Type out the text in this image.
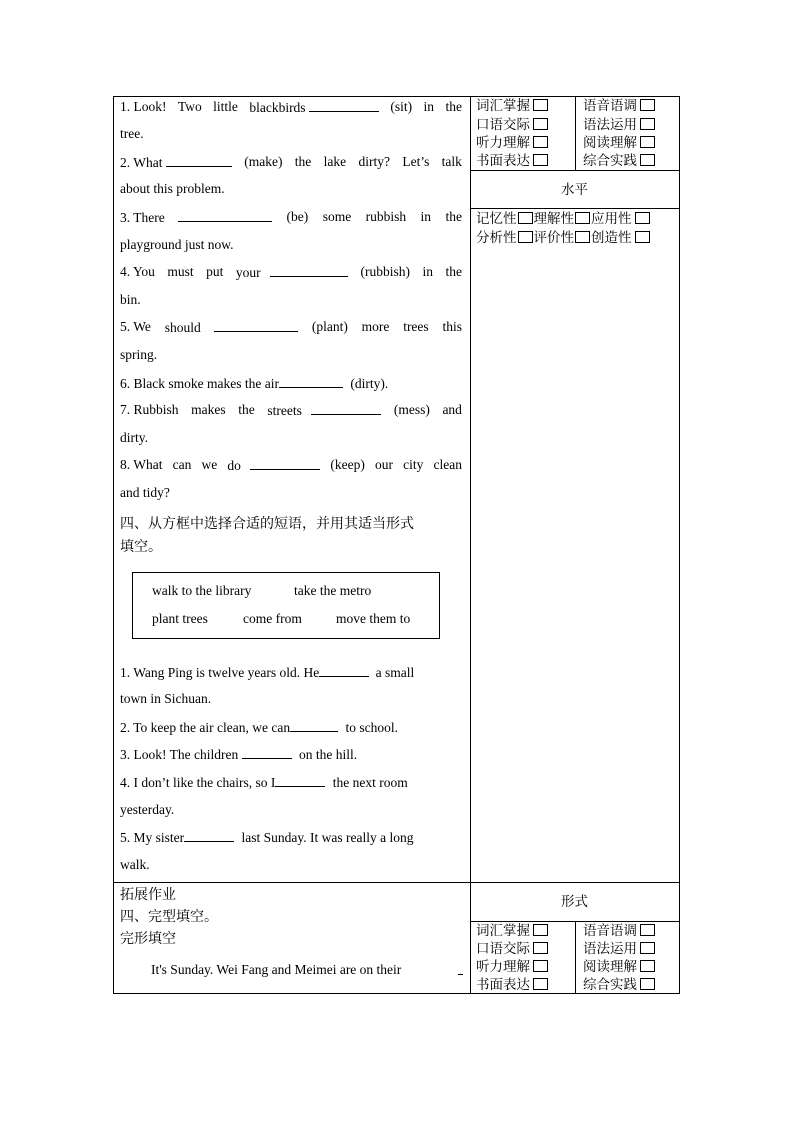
1. Look! Two little blackbirds	(sit) in the
tree.
2. What	(make) the lake dirty? Let’s talk
about this problem.
3. There	(be) some rubbish in the
playground just now.
4. You must put your	(rubbish) in the
bin.
5. We should	(plant) more trees this
spring.
6. Black smoke makes the air	(dirty).
7. Rubbish makes the streets	(mess) and
dirty.
8. What can we do	(keep) our city clean
and tidy?
四、从方框中选择合适的短语，并用其适当形式
填空。
walk to the library	take the metro
plant trees	come from	move them to
1. Wang Ping is twelve years old. He	a small
town in Sichuan.
2. To keep the air clean, we can	to school.
3. Look! The children	on the hill.
4. I don’t like the chairs, so I	the next room
yesterday.
5. My sister	last Sunday. It was really a long
walk.
拓展作业
四、完型填空。
完形填空
It's Sunday. Wei Fang and Meimei are on their
词汇掌握	语音语调
口语交际	语法运用
听力理解	阅读理解
书面表达	综合实践
水平
记忆性 理解性 应用性
分析性 评价性 创造性
形式
词汇掌握	语音语调
口语交际	语法运用
听力理解	阅读理解
书面表达	综合实践
